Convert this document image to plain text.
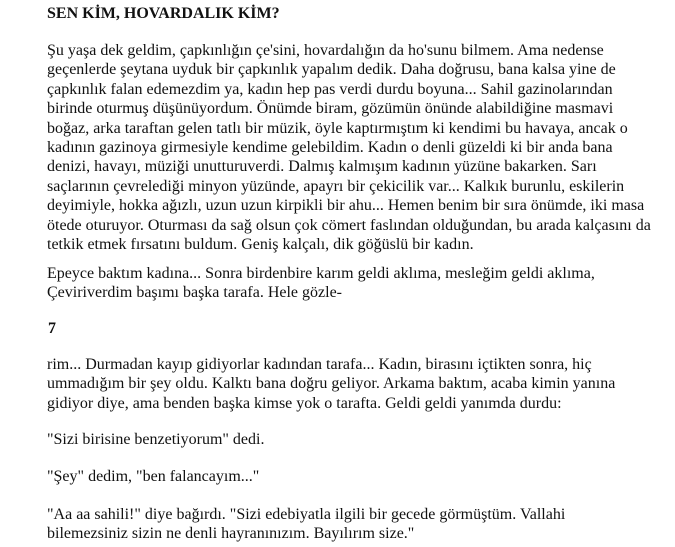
SEN KİM, HOVARDALIK KİM?

Şu yaşa dek geldim, çapkınlığın çe'sini, hovardalığın da ho'sunu bilmem. Ama nedense
geçenlerde şeytana uyduk bir çapkınlık yapalım dedik. Daha doğrusu, bana kalsa yine de
çapkınlık falan edemezdim ya, kadın hep pas verdi durdu boyuna... Sahil gazinolarından
birinde oturmuş düşünüyordum. Önümde biram, gözümün önünde alabildiğine masmavi
boğaz, arka taraftan gelen tatlı bir müzik, öyle kaptırmıştım ki kendimi bu havaya, ancak o
kadının gazinoya girmesiyle kendime gelebildim. Kadın o denli güzeldi ki bir anda bana
denizi, havayı, müziği unutturuverdi. Dalmış kalmışım kadının yüzüne bakarken. Sarı
saçlarının çevrelediği minyon yüzünde, apayrı bir çekicilik var... Kalkık burunlu, eskilerin
deyimiyle, hokka ağızlı, uzun uzun kirpikli bir ahu... Hemen benim bir sıra önümde, iki masa
ötede oturuyor. Oturması da sağ olsun çok cömert faslından olduğundan, bu arada kalçasını da
tetkik etmek fırsatını buldum. Geniş kalçalı, dik göğüslü bir kadın.

Epeyce baktım kadına... Sonra birdenbire karım geldi aklıma, mesleğim geldi aklıma,
Çeviriverdim başımı başka tarafa. Hele gözle-

7

rim... Durmadan kayıp gidiyorlar kadından tarafa... Kadın, birasını içtikten sonra, hiç
ummadığım bir şey oldu. Kalktı bana doğru geliyor. Arkama baktım, acaba kimin yanına
gidiyor diye, ama benden başka kimse yok o tarafta. Geldi geldi yanımda durdu:

"Sizi birisine benzetiyorum" dedi.

"Şey" dedim, "ben falancayım..."

"Aa aa sahili!" diye bağırdı. "Sizi edebiyatla ilgili bir gecede görmüştüm. Vallahi
bilemezsiniz sizin ne denli hayranınızım. Bayılırım size."
